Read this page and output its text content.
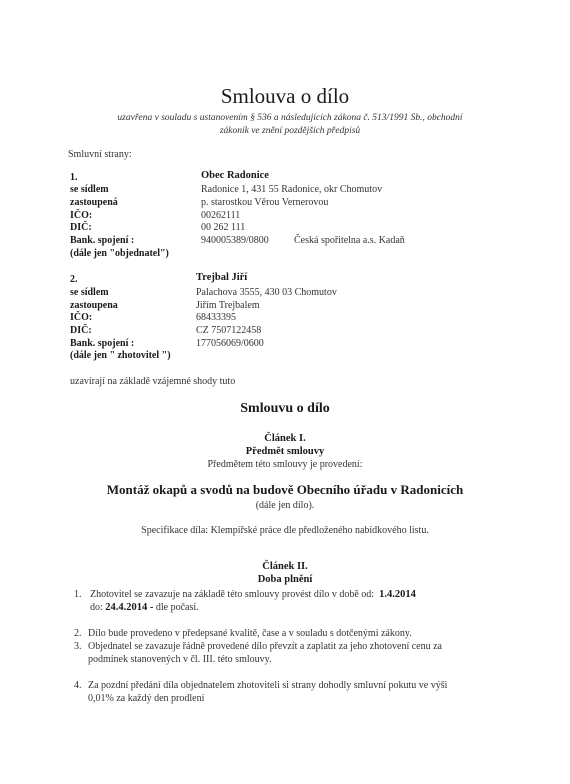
Smlouva o dílo
uzavřena v souladu s ustanovením § 536 a následujících zákona č. 513/1991 Sb., obchodní
zákoník ve znění pozdějších předpisů
Smluvní strany:
1.	Obec Radonice
se sídlem	Radonice 1, 431 55 Radonice, okr Chomutov
zastoupená	p. starostkou Věrou Vernerovou
IČO:	00262111
DIČ:	00 262 111
Bank. spojení :	940005389/0800	Česká spořitelna a.s. Kadaň
(dále jen "objednatel")
2.	Trejbal Jiří
se sídlem	Palachova 3555, 430 03 Chomutov
zastoupena	Jiřím Trejbalem
IČO:	68433395
DIČ:	CZ 7507122458
Bank. spojení :	177056069/0600
(dále jen " zhotovitel ")
uzavírají na základě vzájemné shody tuto
Smlouvu o dílo
Článek I.
Předmět smlouvy
Předmětem této smlouvy je provedení:
Montáž okapů a svodů na budově Obecního úřadu v Radonicích
(dále jen dílo).
Specifikace díla: Klempířské práce dle předloženého nabídkového listu.
Článek II.
Doba plnění
1. Zhotovitel se zavazuje na základě této smlouvy provést dílo v době od: 1.4.2014
do: 24.4.2014 - dle počasí.
2. Dílo bude provedeno v předepsané kvalitě, čase a v souladu s dotčenými zákony.
3. Objednatel se zavazuje řádně provedené dílo převzít a zaplatit za jeho zhotovení cenu za
podmínek stanovených v čl. III. této smlouvy.
4. Za pozdní předání díla objednatelem zhotoviteli si strany dohodly smluvní pokutu ve výši
0,01% za každý den prodlení
